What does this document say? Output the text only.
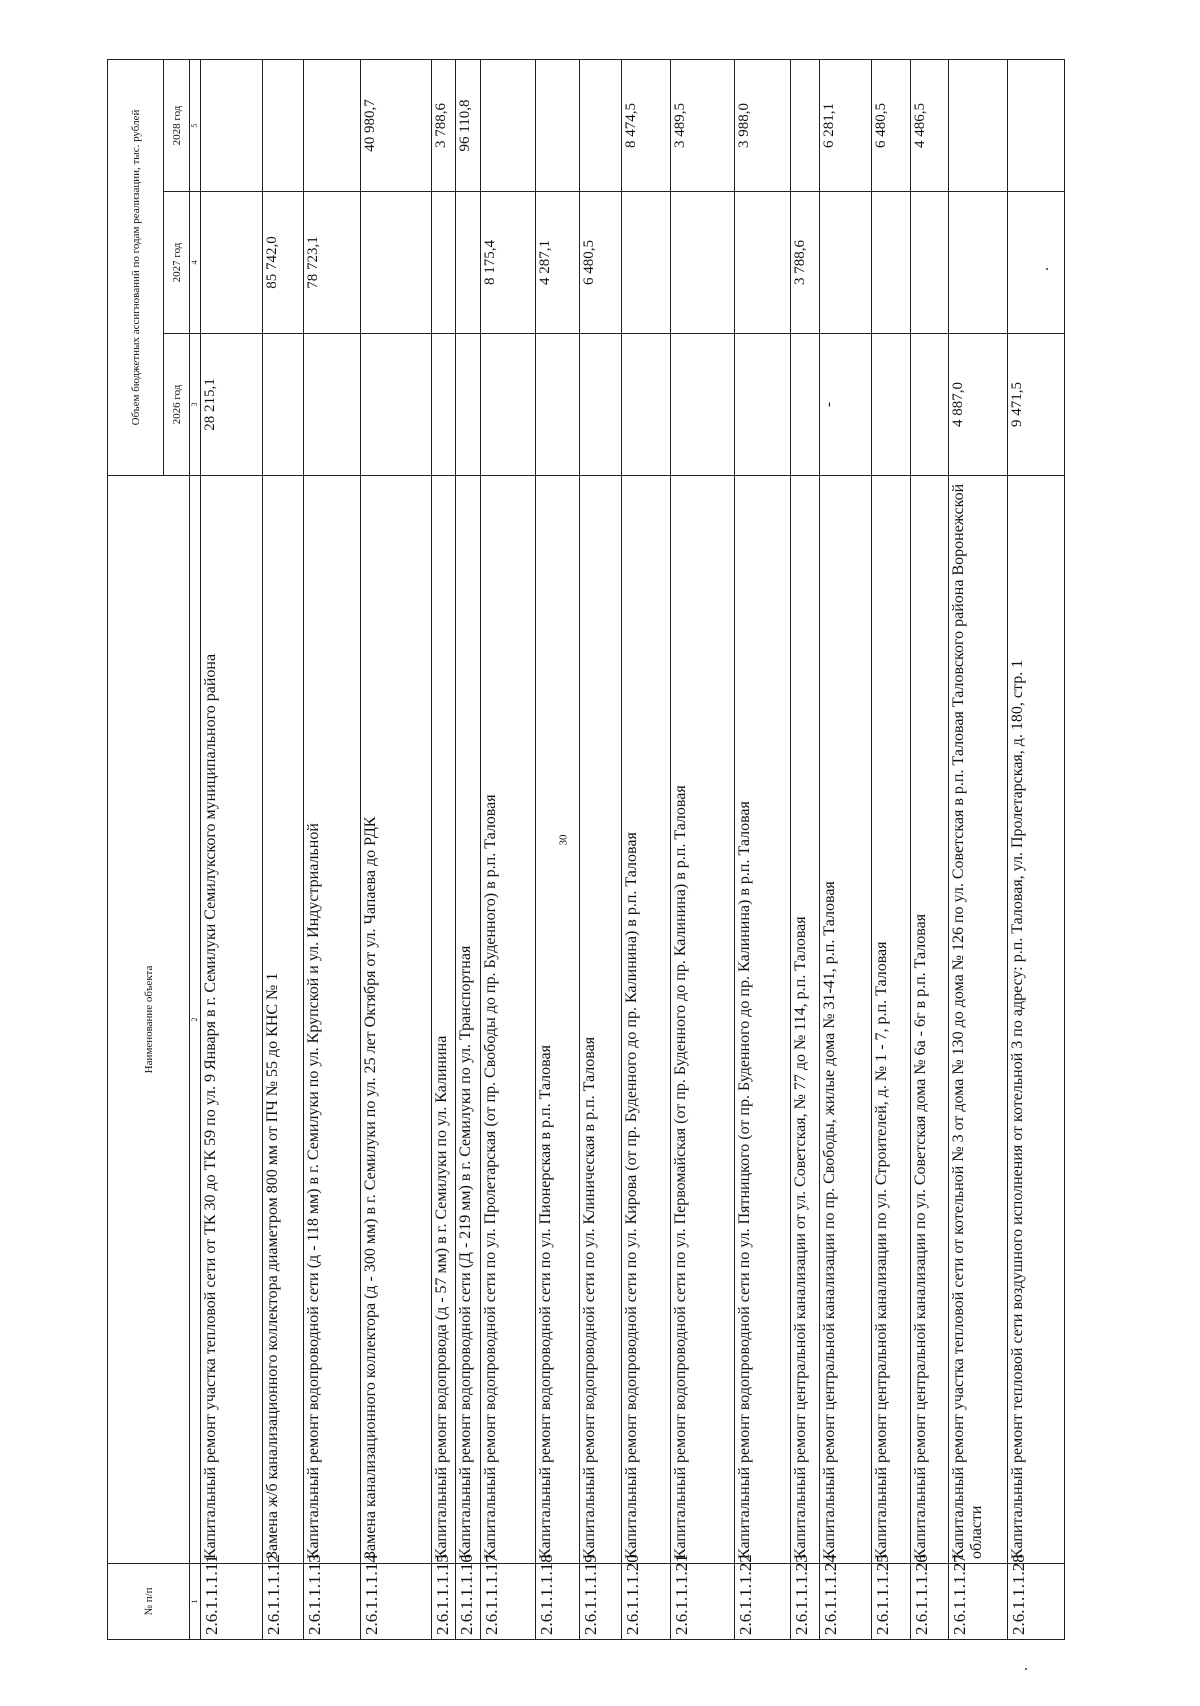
30
№ п/п	Наименование объекта	Объем бюджетных ассигнований по годам реализации, тыс. рублей		
		2026 год	2027 год	2028 год
1	2	3	4	5
2.6.1.1.1.11	Капитальный ремонт участка тепловой сети от ТК 30 до ТК 59 по ул. 9 Января в г. Семилуки Семилукского муниципального района	28 215,1		
2.6.1.1.1.12	Замена ж/б канализационного коллектора диаметром 800 мм от ПЧ № 55 до КНС № 1		85 742,0	
2.6.1.1.1.13	Капитальный ремонт водопроводной сети (д - 118 мм) в г. Семилуки по ул. Крупской и ул. Индустриальной		78 723,1	
2.6.1.1.1.14	Замена канализационного коллектора (д - 300 мм) в г. Семилуки по ул. 25 лет Октября от ул. Чапаева до РДК			40 980,7
2.6.1.1.1.15	Капитальный ремонт водопровода (д - 57 мм) в г. Семилуки по ул. Калинина			3 788,6
2.6.1.1.1.16	Капитальный ремонт водопроводной сети (Д - 219 мм) в г. Семилуки по ул. Транспортная			96 110,8
2.6.1.1.1.17	Капитальный ремонт водопроводной сети по ул. Пролетарская (от пр. Свободы до пр. Буденного) в р.п. Таловая		8 175,4	
2.6.1.1.1.18	Капитальный ремонт водопроводной сети по ул. Пионерская в р.п. Таловая		4 287,1	
2.6.1.1.1.19	Капитальный ремонт водопроводной сети по ул. Клиническая в р.п. Таловая		6 480,5	
2.6.1.1.1.20	Капитальный ремонт водопроводной сети по ул. Кирова (от пр. Буденного до пр. Калинина) в р.п. Таловая			8 474,5
2.6.1.1.1.21	Капитальный ремонт водопроводной сети по ул. Первомайская (от пр. Буденного до пр. Калинина) в р.п. Таловая			3 489,5
2.6.1.1.1.22	Капитальный ремонт водопроводной сети по ул. Пятницкого (от пр. Буденного до пр. Калинина) в р.п. Таловая			3 988,0
2.6.1.1.1.23	Капитальный ремонт центральной канализации от ул. Советская, № 77 до № 114, р.п. Таловая		3 788,6	
2.6.1.1.1.24	Капитальный ремонт центральной канализации по пр. Свободы, жилые дома № 31-41, р.п. Таловая	-		6 281,1
2.6.1.1.1.25	Капитальный ремонт центральной канализации по ул. Строителей, д. № 1 - 7, р.п. Таловая			6 480,5
2.6.1.1.1.26	Капитальный ремонт центральной канализации по ул. Советская дома № 6а - 6г в р.п. Таловая			4 486,5
2.6.1.1.1.27	Капитальный ремонт участка тепловой сети от котельной № 3 от дома № 130 до дома № 126 по ул. Советская в р.п. Таловая Таловского района Воронежской области	4 887,0		
2.6.1.1.1.28	Капитальный ремонт тепловой сети воздушного исполнения от котельной 3 по адресу: р.п. Таловая, ул. Пролетарская, д. 180, стр. 1	9 471,5		
